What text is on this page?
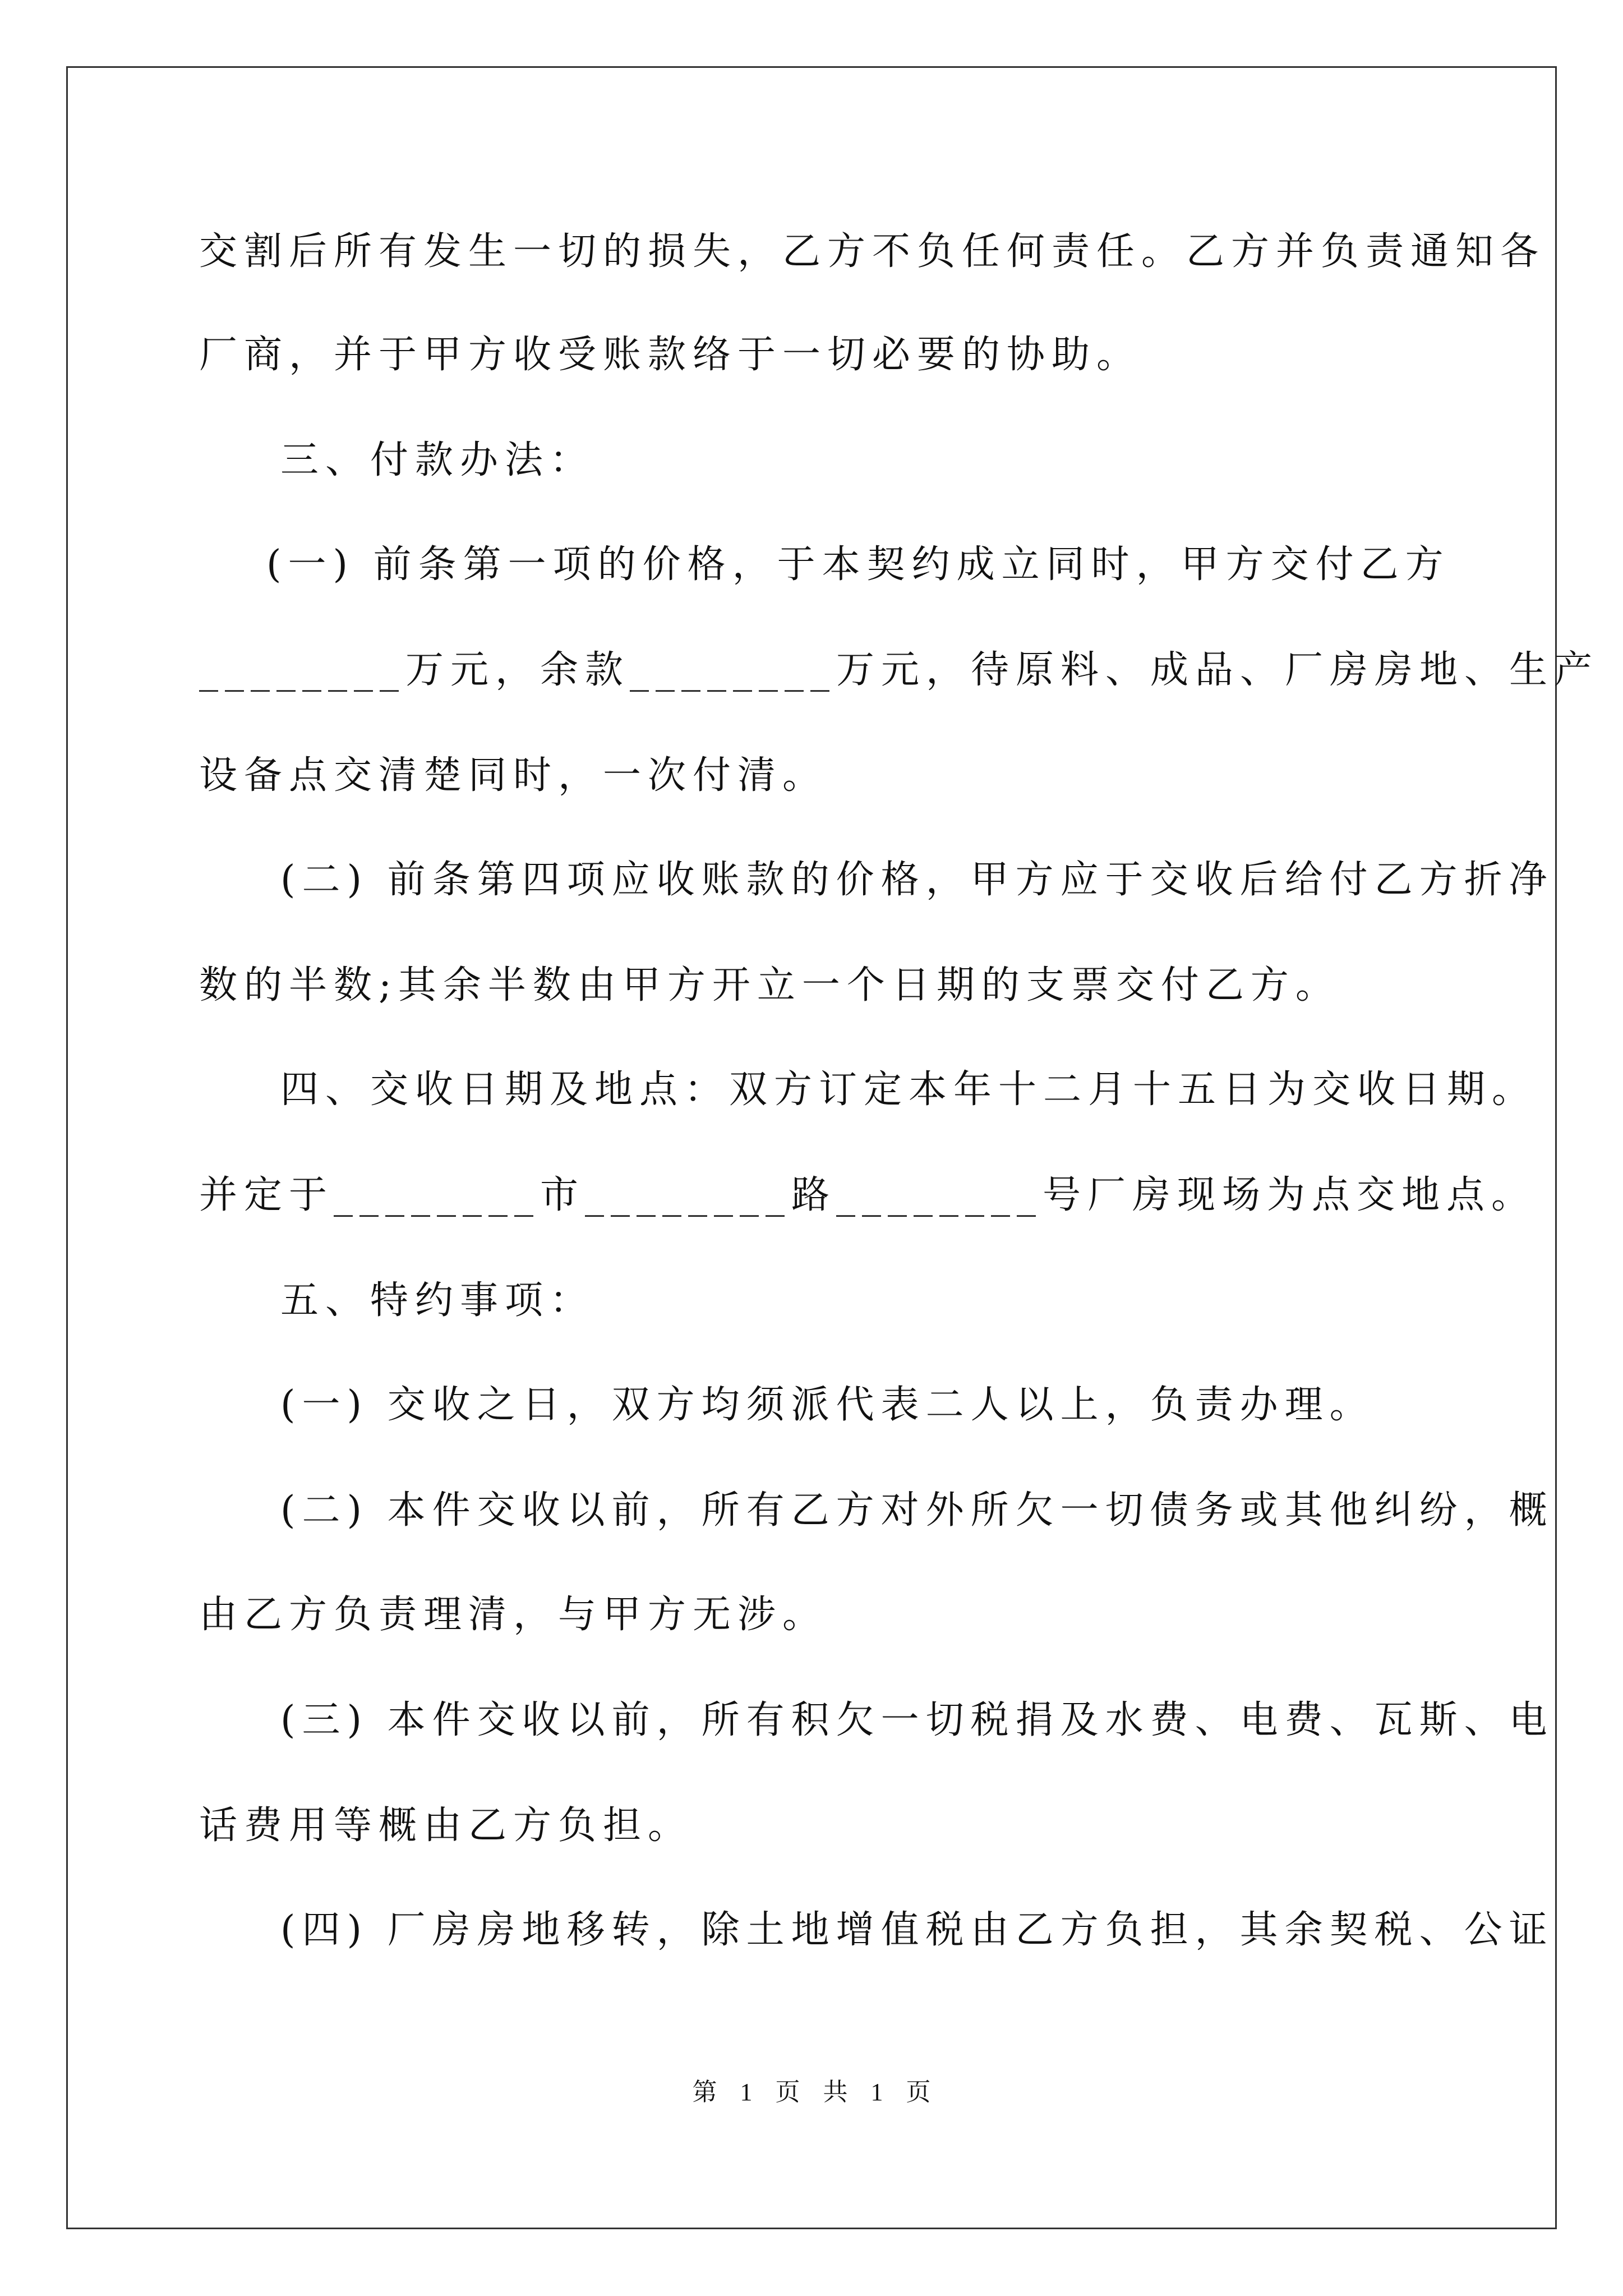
交割后所有发生一切的损失，乙方不负任何责任。乙方并负责通知各
厂商，并于甲方收受账款络于一切必要的协助。
三、付款办法：
(一) 前条第一项的价格，于本契约成立同时，甲方交付乙方
________万元，余款________万元，待原料、成品、厂房房地、生产
设备点交清楚同时，一次付清。
(二) 前条第四项应收账款的价格，甲方应于交收后给付乙方折净
数的半数;其余半数由甲方开立一个日期的支票交付乙方。
四、交收日期及地点：双方订定本年十二月十五日为交收日期。
并定于________市________路________号厂房现场为点交地点。
五、特约事项：
(一) 交收之日，双方均须派代表二人以上，负责办理。
(二) 本件交收以前，所有乙方对外所欠一切债务或其他纠纷，概
由乙方负责理清，与甲方无涉。
(三) 本件交收以前，所有积欠一切税捐及水费、电费、瓦斯、电
话费用等概由乙方负担。
(四) 厂房房地移转，除土地增值税由乙方负担，其余契税、公证
第 1 页 共 1 页
